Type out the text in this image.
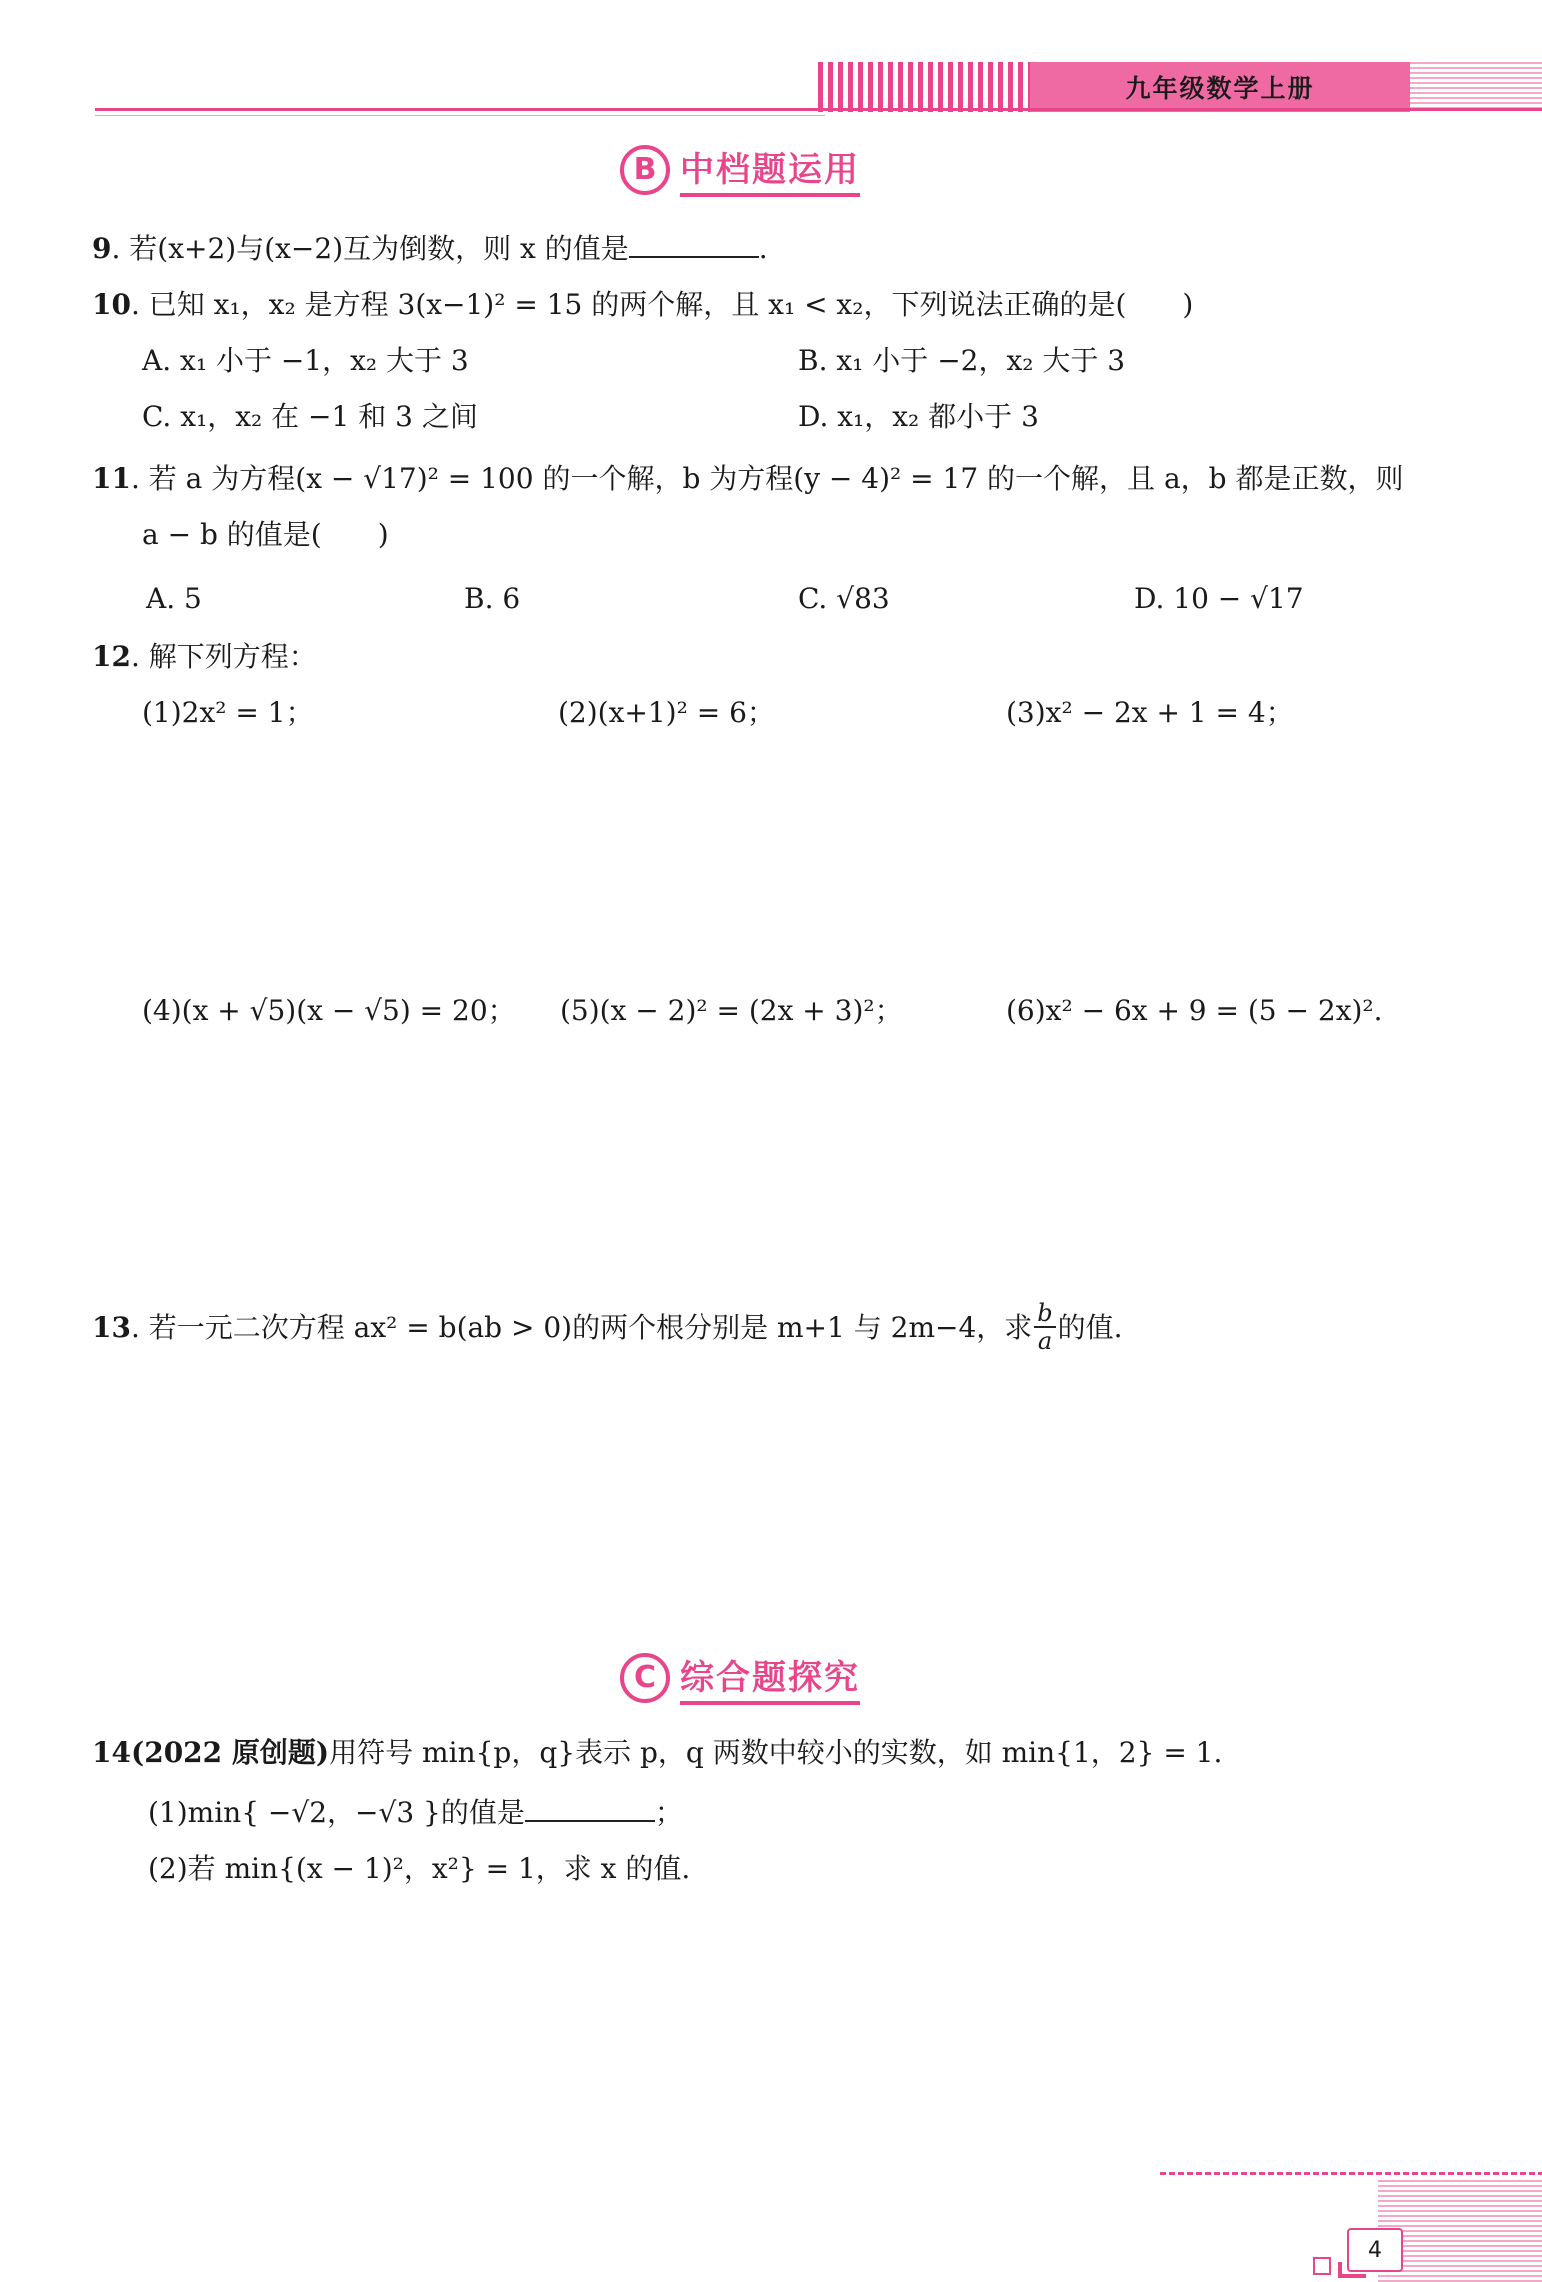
九年级数学上册
B 中档题运用
9. 若(x+2)与(x−2)互为倒数，则 x 的值是	.
10. 已知 x₁，x₂ 是方程 3(x−1)² = 15 的两个解，且 x₁ < x₂，下列说法正确的是(　　)
A. x₁ 小于 −1，x₂ 大于 3	B. x₁ 小于 −2，x₂ 大于 3
C. x₁，x₂ 在 −1 和 3 之间	D. x₁，x₂ 都小于 3
11. 若 a 为方程(x − √17)² = 100 的一个解，b 为方程(y − 4)² = 17 的一个解，且 a，b 都是正数，则
a − b 的值是(　　)
A. 5	B. 6	C. √83	D. 10 − √17
12. 解下列方程：
(1)2x² = 1；	(2)(x+1)² = 6；	(3)x² − 2x + 1 = 4；
(4)(x + √5)(x − √5) = 20； (5)(x − 2)² = (2x + 3)²；	(6)x² − 6x + 9 = (5 − 2x)².
13 . 若一元二次方程 ax² = b(ab > 0)的两个根分别是 m+1 与 2m−4，求 $\frac{b}{a}$ 的值.
C 综合题探究
14(2022 原创题)用符号 min{p，q}表示 p，q 两数中较小的实数，如 min{1，2} = 1.
(1)min{ −√2，−√3 }的值是	；
(2)若 min{(x − 1)²，x²} = 1，求 x 的值.
4
